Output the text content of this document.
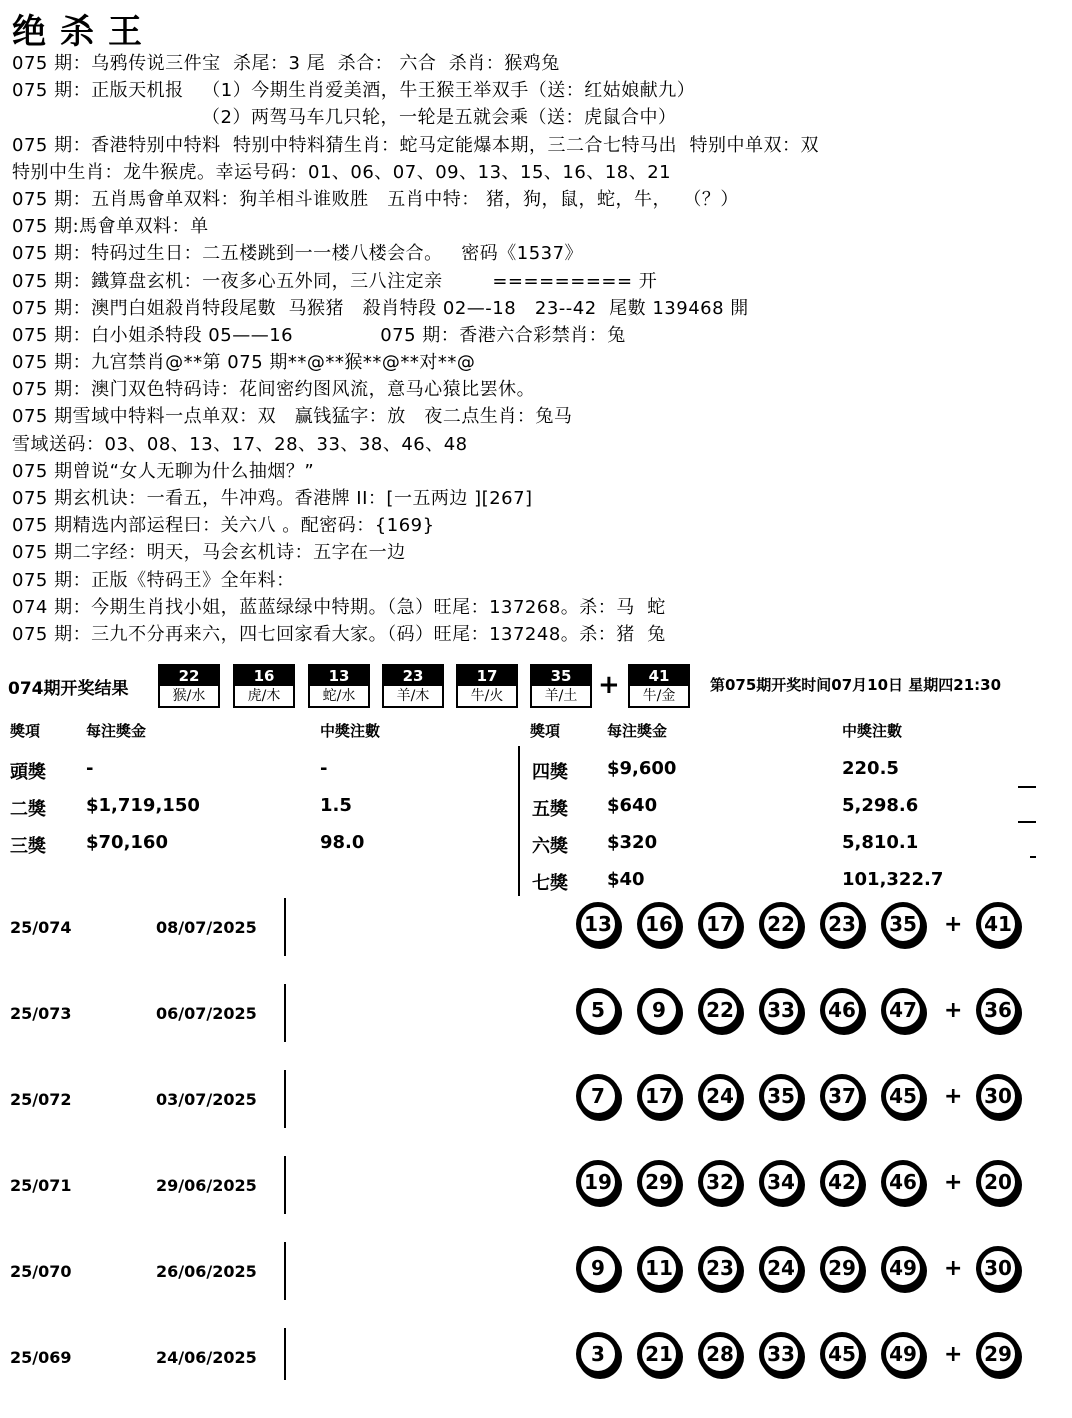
绝杀王
075 期：乌鸦传说三件宝  杀尾：3 尾  杀合： 六合  杀肖：猴鸡兔
075 期：正版天机报   （1）今期生肖爱美酒，牛王猴王举双手（送：红姑娘献九）
（2）两驾马车几只轮，一轮是五就会乘（送：虎鼠合中）
075 期：香港特别中特料  特别中特料猜生肖：蛇马定能爆本期，三二合七特马出  特别中单双：双
特别中生肖：龙牛猴虎。幸运号码：01、06、07、09、13、15、16、18、21
075 期：五肖馬會单双料：狗羊相斗谁败胜   五肖中特： 猪，狗，鼠，蛇，牛，  （？）
075 期:馬會单双料：单
075 期：特码过生日：二五楼跳到一一楼八楼会合。   密码《1537》
075 期：鐵算盘玄机：一夜多心五外同，三八注定亲        ========= 开
075 期：澳門白姐殺肖特段尾數  马猴猪   殺肖特段 02—-18   23--42  尾數 139468 開
075 期：白小姐杀特段 05——16              075 期：香港六合彩禁肖：兔
075 期：九宫禁肖@**第 075 期**@**猴**@**对**@
075 期：澳门双色特码诗：花间密约图风流，意马心猿比罢休。
075 期雪域中特料一点单双：双   赢钱猛字：放   夜二点生肖：兔马
雪域送码：03、08、13、17、28、33、38、46、48
075 期曾说“女人无聊为什么抽烟？”
075 期玄机诀：一看五，牛冲鸡。香港牌 II：[一五两边 ][267]
075 期精选内部运程曰：关六八 。配密码：{169}
075 期二字经：明天，马会玄机诗：五字在一边
075 期：正版《特码王》全年料：
074 期：今期生肖找小姐，蓝蓝绿绿中特期。（急）旺尾：137268。杀：马  蛇
075 期：三九不分再来六，四七回家看大家。（码）旺尾：137248。杀：猪  兔
074期开奖结果
22
猴/水
16
虎/木
13
蛇/水
23
羊/木
17
牛/火
35
羊/土 +	41
牛/金
第075期开奖时间07月10日 星期四21:30
獎項	每注獎金	中獎注數	獎項	每注獎金	中獎注數
頭獎 -	-
二獎 $1,719,150	1.5
三獎 $70,160	98.0
四獎 $9,600	220.5
五獎 $640	5,298.6
六獎 $320	5,810.1
七獎 $40	101,322.7
25/074	08/07/2025	13	16	17	22	23	35	+	41
25/073	06/07/2025	5	9	22	33	46	47	+	36
25/072	03/07/2025	7	17	24	35	37	45	+	30
25/071	29/06/2025	19	29	32	34	42	46	+	20
25/070	26/06/2025	9	11	23	24	29	49	+	30
25/069	24/06/2025	3	21	28	33	45	49	+	29
